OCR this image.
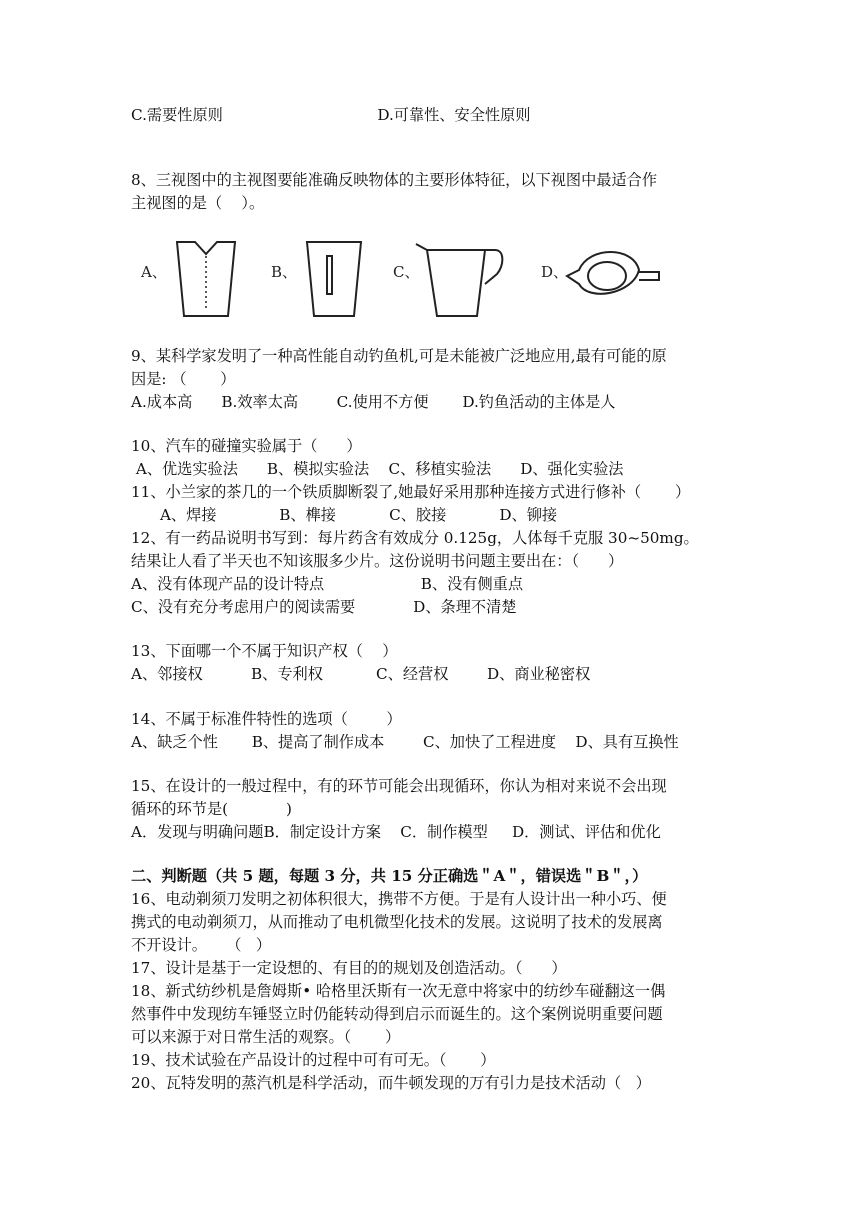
C.需要性原则                                D.可靠性、安全性原则
8、三视图中的主视图要能准确反映物体的主要形体特征，以下视图中最适合作
主视图的是（    ）。
9、某科学家发明了一种高性能自动钓鱼机,可是未能被广泛地应用,最有可能的原
因是: （       ）
A.成本高      B.效率太高        C.使用不方便       D.钓鱼活动的主体是人
10、汽车的碰撞实验属于（      ）
A、优选实验法      B、模拟实验法    C、移植实验法      D、强化实验法
11、小兰家的茶几的一个铁质脚断裂了,她最好采用那种连接方式进行修补（       ）
A、焊接             B、榫接           C、胶接           D、铆接
12、有一药品说明书写到：每片药含有效成分 0.125g，人体每千克服 30~50mg。
结果让人看了半天也不知该服多少片。这份说明书问题主要出在：（      ）
A、没有体现产品的设计特点                    B、没有侧重点
C、没有充分考虑用户的阅读需要            D、条理不清楚
13、下面哪一个不属于知识产权（    ）
A、邻接权          B、专利权           C、经营权        D、商业秘密权
14、不属于标准件特性的选项（        ）
A、缺乏个性       B、提高了制作成本        C、加快了工程进度    D、具有互换性
15、在设计的一般过程中，有的环节可能会出现循环，你认为相对来说不会出现
循环的环节是(            )
A．发现与明确问题B．制定设计方案    C．制作模型     D．测试、评估和优化
二、判断题（共 5 题，每题 3 分，共 15 分正确选＂A＂，错误选＂B＂，）
16、电动剃须刀发明之初体积很大，携带不方便。于是有人设计出一种小巧、便
携式的电动剃须刀，从而推动了电机微型化技术的发展。这说明了技术的发展离
不开设计。    （   ）
17、设计是基于一定设想的、有目的的规划及创造活动。（      ）
18、新式纺纱机是詹姆斯• 哈格里沃斯有一次无意中将家中的纺纱车碰翻这一偶
然事件中发现纺车锤竖立时仍能转动得到启示而诞生的。这个案例说明重要问题
可以来源于对日常生活的观察。（       ）
19、技术试验在产品设计的过程中可有可无。（       ）
20、瓦特发明的蒸汽机是科学活动，而牛顿发现的万有引力是技术活动（   ）
A、	B、	C、	D、
